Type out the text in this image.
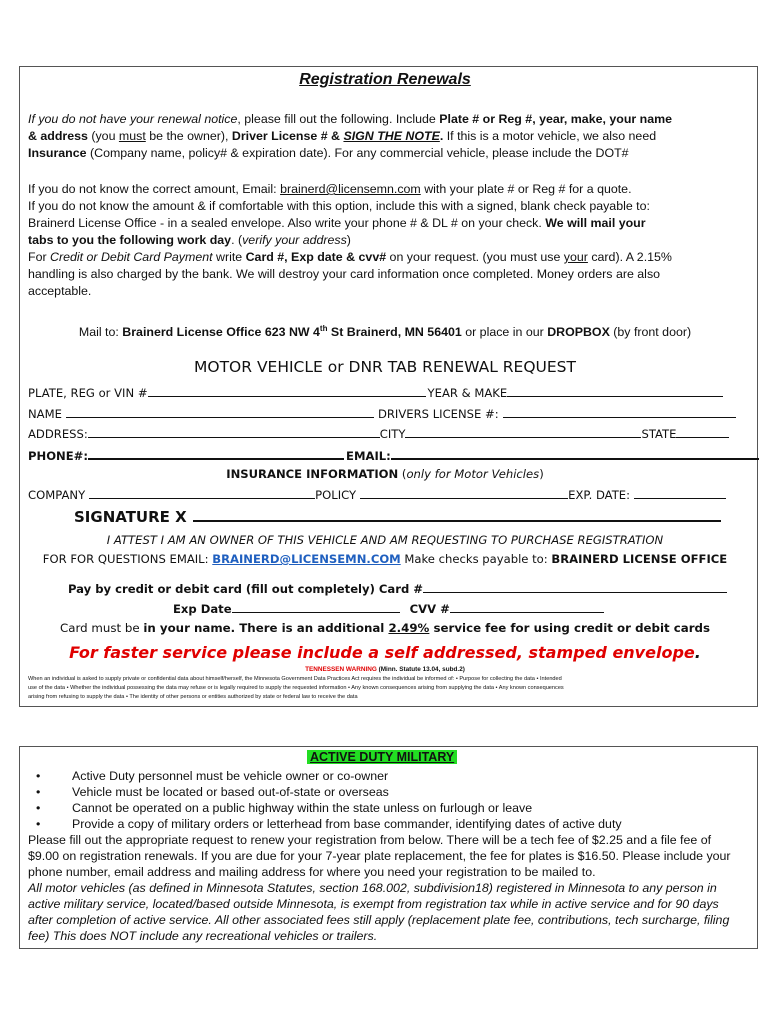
Registration Renewals
If you do not have your renewal notice, please fill out the following. Include Plate # or Reg #, year, make, your name
& address (you must be the owner), Driver License # & SIGN THE NOTE. If this is a motor vehicle, we also need
Insurance (Company name, policy# & expiration date). For any commercial vehicle, please include the DOT#
If you do not know the correct amount, Email: brainerd@licensemn.com with your plate # or Reg # for a quote.
If you do not know the amount & if comfortable with this option, include this with a signed, blank check payable to:
Brainerd License Office - in a sealed envelope. Also write your phone # & DL # on your check. We will mail your
tabs to you the following work day. (verify your address)
For Credit or Debit Card Payment write Card #, Exp date & cvv# on your request. (you must use your card). A 2.15%
handling is also charged by the bank. We will destroy your card information once completed. Money orders are also
acceptable.
Mail to: Brainerd License Office 623 NW 4th St Brainerd, MN 56401 or place in our DROPBOX (by front door)
MOTOR VEHICLE or DNR TAB RENEWAL REQUEST
PLATE, REG or VIN #	YEAR & MAKE
NAME	DRIVERS LICENSE #:
ADDRESS:	CITY	STATE
PHONE#:	EMAIL:
INSURANCE INFORMATION (only for Motor Vehicles)
COMPANY	POLICY	EXP. DATE:
SIGNATURE X
I ATTEST I AM AN OWNER OF THIS VEHICLE AND AM REQUESTING TO PURCHASE REGISTRATION
FOR FOR QUESTIONS EMAIL: BRAINERD@LICENSEMN.COM Make checks payable to: BRAINERD LICENSE OFFICE
Pay by credit or debit card (fill out completely) Card #
Exp Date	CVV #
Card must be in your name. There is an additional 2.49% service fee for using credit or debit cards
For faster service please include a self addressed, stamped envelope.
TENNESSEN WARNING (Minn. Statute 13.04, subd.2)
When an individual is asked to supply private or confidential data about himself/herself, the Minnesota Government Data Practices Act requires the individual be informed of: • Purpose for collecting the data • Intended
use of the data • Whether the individual possessing the data may refuse or is legally required to supply the requested information • Any known consequences arising from supplying the data • Any known consequences
arising from refusing to supply the data • The identity of other persons or entities authorized by state or federal law to receive the data
ACTIVE DUTY MILITARY
•	Active Duty personnel must be vehicle owner or co-owner
•	Vehicle must be located or based out-of-state or overseas
•	Cannot be operated on a public highway within the state unless on furlough or leave
•	Provide a copy of military orders or letterhead from base commander, identifying dates of active duty
Please fill out the appropriate request to renew your registration from below. There will be a tech fee of $2.25 and a file fee of
$9.00 on registration renewals. If you are due for your 7-year plate replacement, the fee for plates is $16.50. Please include your
phone number, email address and mailing address for where you need your registration to be mailed to.
All motor vehicles (as defined in Minnesota Statutes, section 168.002, subdivision18) registered in Minnesota to any person in
active military service, located/based outside Minnesota, is exempt from registration tax while in active service and for 90 days
after completion of active service. All other associated fees still apply (replacement plate fee, contributions, tech surcharge, filing
fee) This does NOT include any recreational vehicles or trailers.
